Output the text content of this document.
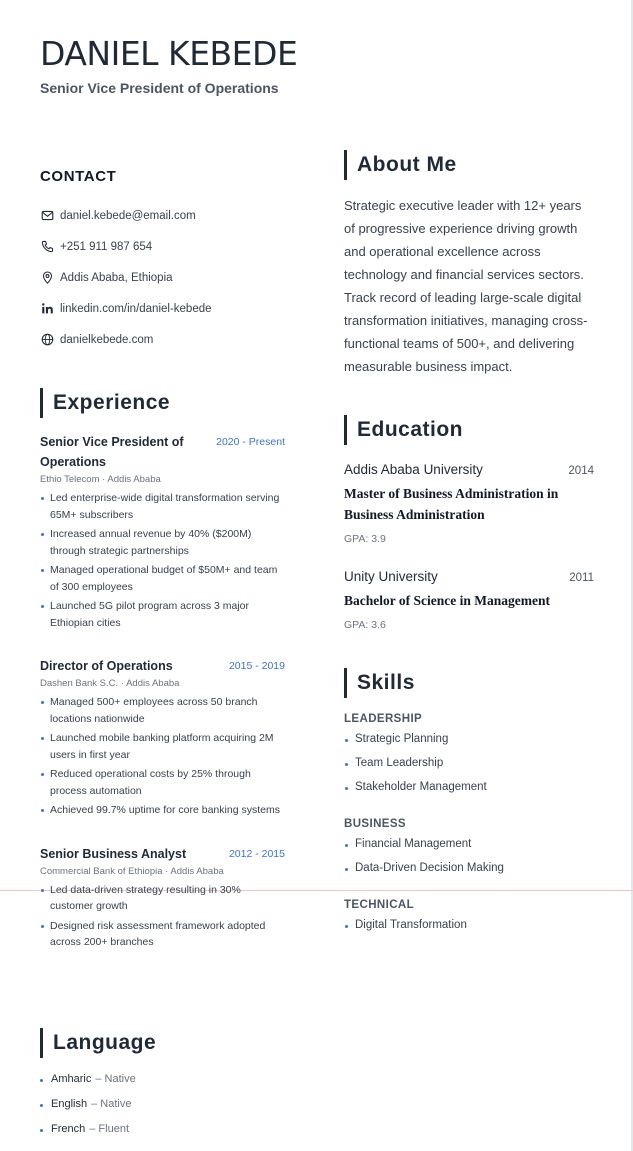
DANIEL KEBEDE
Senior Vice President of Operations
CONTACT
daniel.kebede@email.com
+251 911 987 654
Addis Ababa, Ethiopia
linkedin.com/in/daniel-kebede
danielkebede.com
Experience
Senior Vice President of Operations
2020 - Present
Ethio Telecom · Addis Ababa
Led enterprise-wide digital transformation serving 65M+ subscribers
Increased annual revenue by 40% ($200M) through strategic partnerships
Managed operational budget of $50M+ and team of 300 employees
Launched 5G pilot program across 3 major Ethiopian cities
Director of Operations	2015 - 2019
Dashen Bank S.C. · Addis Ababa
Managed 500+ employees across 50 branch locations nationwide
Launched mobile banking platform acquiring 2M users in first year
Reduced operational costs by 25% through process automation
Achieved 99.7% uptime for core banking systems
Senior Business Analyst	2012 - 2015
Commercial Bank of Ethiopia · Addis Ababa
Led data-driven strategy resulting in 30% customer growth
Designed risk assessment framework adopted across 200+ branches
Language
Amharic – Native
English – Native
French – Fluent
About Me
Strategic executive leader with 12+ years of progressive experience driving growth and operational excellence across technology and financial services sectors. Track record of leading large-scale digital transformation initiatives, managing cross-functional teams of 500+, and delivering measurable business impact.
Education
Addis Ababa University	2014
Master of Business Administration in Business Administration
GPA: 3.9
Unity University	2011
Bachelor of Science in Management
GPA: 3.6
Skills
LEADERSHIP
Strategic Planning
Team Leadership
Stakeholder Management
BUSINESS
Financial Management
Data-Driven Decision Making
TECHNICAL
Digital Transformation
